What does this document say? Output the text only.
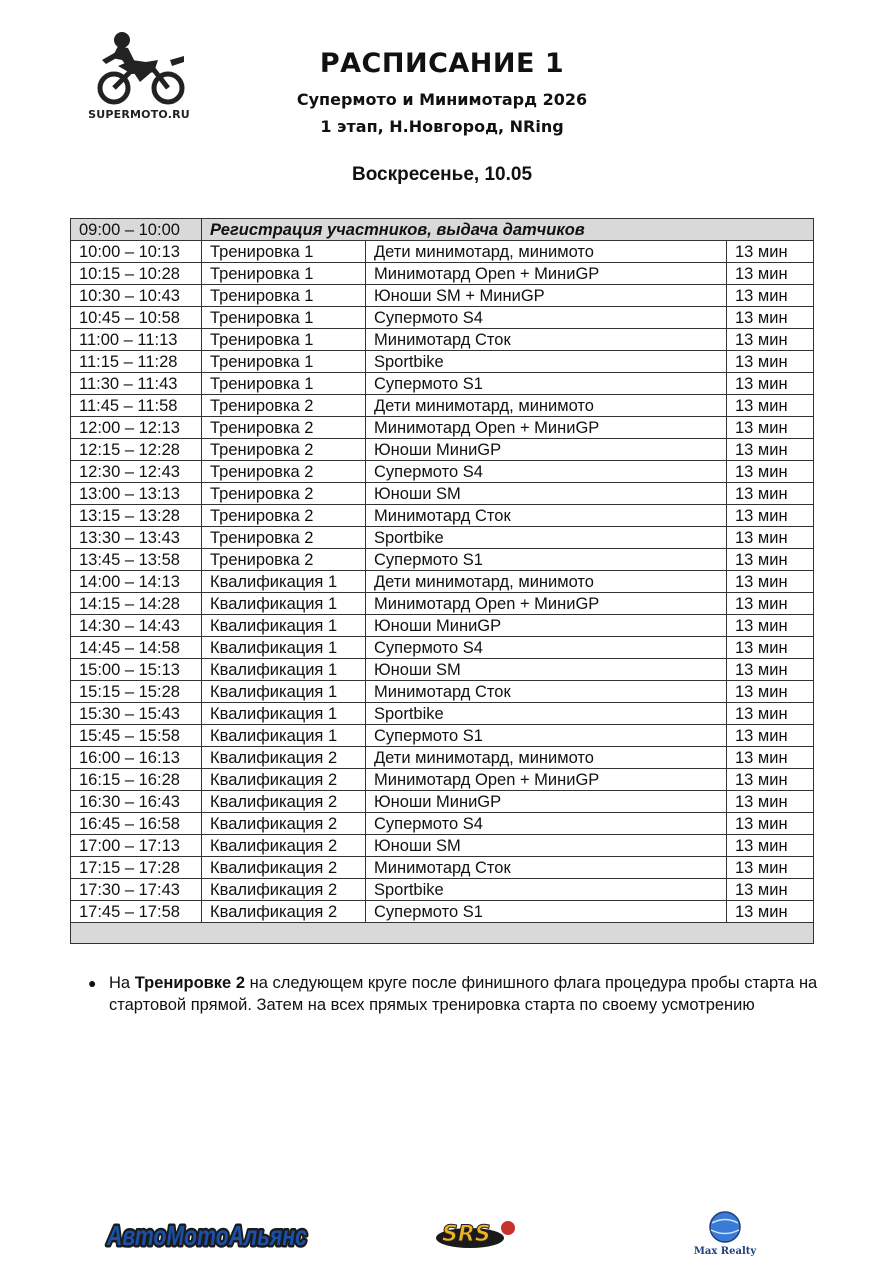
SUPERMOTO.RU
РАСПИСАНИЕ 1
Супермото и Минимотард 2026
1 этап, Н.Новгород, NRing
Воскресенье, 10.05
09:00 – 10:00	Регистрация участников, выдача датчиков		
10:00 – 10:13	Тренировка 1	Дети минимотард, минимото	13 мин
10:15 – 10:28	Тренировка 1	Минимотард Open + МиниGP	13 мин
10:30 – 10:43	Тренировка 1	Юноши SM + МиниGP	13 мин
10:45 – 10:58	Тренировка 1	Супермото S4	13 мин
11:00 – 11:13	Тренировка 1	Минимотард Сток	13 мин
11:15 – 11:28	Тренировка 1	Sportbike	13 мин
11:30 – 11:43	Тренировка 1	Супермото S1	13 мин
11:45 – 11:58	Тренировка 2	Дети минимотард, минимото	13 мин
12:00 – 12:13	Тренировка 2	Минимотард Open + МиниGP	13 мин
12:15 – 12:28	Тренировка 2	Юноши МиниGP	13 мин
12:30 – 12:43	Тренировка 2	Супермото S4	13 мин
13:00 – 13:13	Тренировка 2	Юноши SM	13 мин
13:15 – 13:28	Тренировка 2	Минимотард Сток	13 мин
13:30 – 13:43	Тренировка 2	Sportbike	13 мин
13:45 – 13:58	Тренировка 2	Супермото S1	13 мин
14:00 – 14:13	Квалификация 1	Дети минимотард, минимото	13 мин
14:15 – 14:28	Квалификация 1	Минимотард Open + МиниGP	13 мин
14:30 – 14:43	Квалификация 1	Юноши МиниGP	13 мин
14:45 – 14:58	Квалификация 1	Супермото S4	13 мин
15:00 – 15:13	Квалификация 1	Юноши SM	13 мин
15:15 – 15:28	Квалификация 1	Минимотард Сток	13 мин
15:30 – 15:43	Квалификация 1	Sportbike	13 мин
15:45 – 15:58	Квалификация 1	Супермото S1	13 мин
16:00 – 16:13	Квалификация 2	Дети минимотард, минимото	13 мин
16:15 – 16:28	Квалификация 2	Минимотард Open + МиниGP	13 мин
16:30 – 16:43	Квалификация 2	Юноши МиниGP	13 мин
16:45 – 16:58	Квалификация 2	Супермото S4	13 мин
17:00 – 17:13	Квалификация 2	Юноши SM	13 мин
17:15 – 17:28	Квалификация 2	Минимотард Сток	13 мин
17:30 – 17:43	Квалификация 2	Sportbike	13 мин
17:45 – 17:58	Квалификация 2	Супермото S1	13 мин

● На Тренировке 2 на следующем круге после финишного флага процедура пробы старта на стартовой прямой. Затем на всех прямых тренировка старта по своему усмотрению
АвтоМотоАльянс
АвтоМотоАльянс	SRS
Max Realty
